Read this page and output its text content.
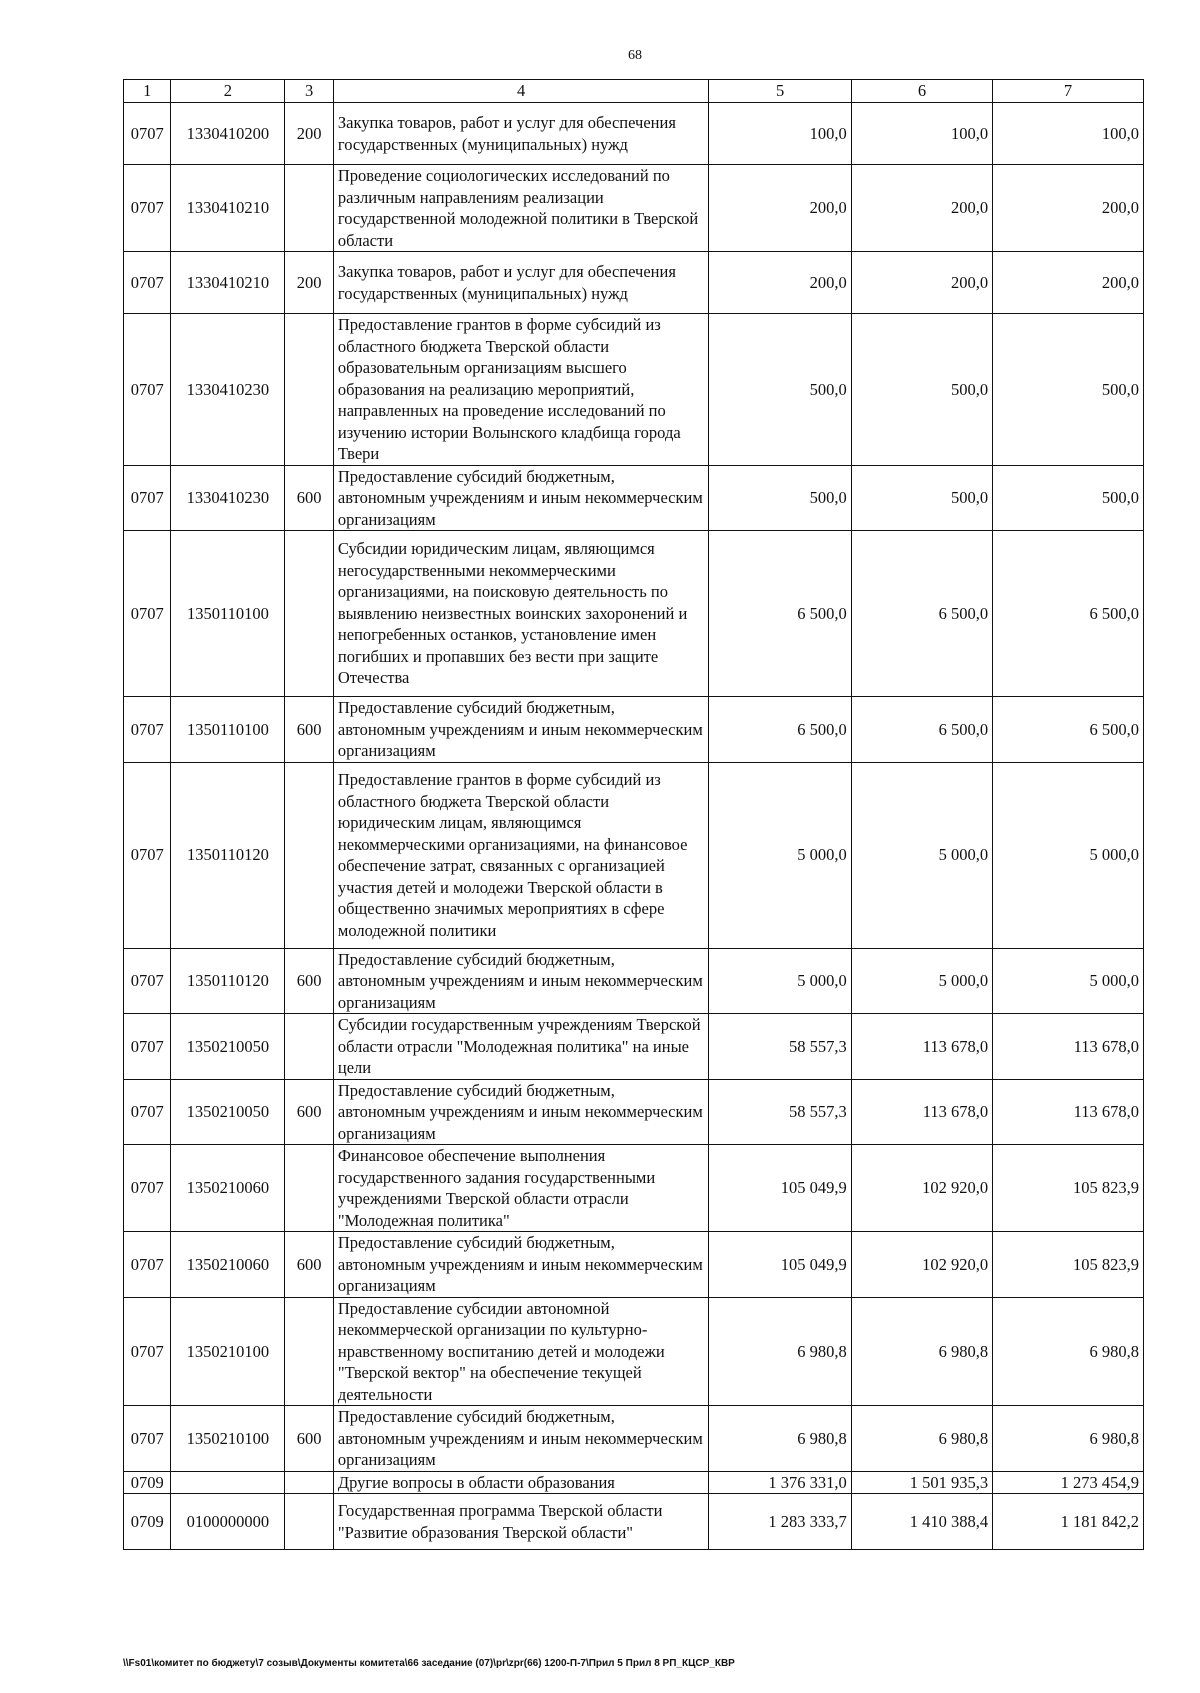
68
1	2	3	4	5	6	7
0707	1330410200	200	Закупка товаров, работ и услуг для обеспечения государственных (муниципальных) нужд	100,0	100,0	100,0
0707	1330410210		Проведение социологических исследований по различным направлениям реализации государственной молодежной политики в Тверской области	200,0	200,0	200,0
0707	1330410210	200	Закупка товаров, работ и услуг для обеспечения государственных (муниципальных) нужд	200,0	200,0	200,0
0707	1330410230		Предоставление грантов в форме субсидий из областного бюджета Тверской области образовательным организациям высшего образования на реализацию мероприятий, направленных на проведение исследований по изучению истории Волынского кладбища города Твери	500,0	500,0	500,0
0707	1330410230	600	Предоставление субсидий бюджетным, автономным учреждениям и иным некоммерческим организациям	500,0	500,0	500,0
0707	1350110100		Субсидии юридическим лицам, являющимся негосударственными некоммерческими организациями, на поисковую деятельность по выявлению неизвестных воинских захоронений и непогребенных останков, установление имен погибших и пропавших без вести при защите Отечества	6 500,0	6 500,0	6 500,0
0707	1350110100	600	Предоставление субсидий бюджетным, автономным учреждениям и иным некоммерческим организациям	6 500,0	6 500,0	6 500,0
0707	1350110120		Предоставление грантов в форме субсидий из областного бюджета Тверской области юридическим лицам, являющимся некоммерческими организациями, на финансовое обеспечение затрат, связанных с организацией участия детей и молодежи Тверской области в общественно значимых мероприятиях в сфере молодежной политики	5 000,0	5 000,0	5 000,0
0707	1350110120	600	Предоставление субсидий бюджетным, автономным учреждениям и иным некоммерческим организациям	5 000,0	5 000,0	5 000,0
0707	1350210050		Субсидии государственным учреждениям Тверской области отрасли "Молодежная политика" на иные цели	58 557,3	113 678,0	113 678,0
0707	1350210050	600	Предоставление субсидий бюджетным, автономным учреждениям и иным некоммерческим организациям	58 557,3	113 678,0	113 678,0
0707	1350210060		Финансовое обеспечение выполнения государственного задания государственными учреждениями Тверской области отрасли "Молодежная политика"	105 049,9	102 920,0	105 823,9
0707	1350210060	600	Предоставление субсидий бюджетным, автономным учреждениям и иным некоммерческим организациям	105 049,9	102 920,0	105 823,9
0707	1350210100		Предоставление субсидии автономной некоммерческой организации по культурно-нравственному воспитанию детей и молодежи "Тверской вектор" на обеспечение текущей деятельности	6 980,8	6 980,8	6 980,8
0707	1350210100	600	Предоставление субсидий бюджетным, автономным учреждениям и иным некоммерческим организациям	6 980,8	6 980,8	6 980,8
0709			Другие вопросы в области образования	1 376 331,0	1 501 935,3	1 273 454,9
0709	0100000000		Государственная программа Тверской области "Развитие образования Тверской области"	1 283 333,7	1 410 388,4	1 181 842,2
\\Fs01\комитет по бюджету\7 созыв\Документы комитета\66 заседание (07)\pr\zpr(66) 1200-П-7\Прил 5 Прил 8 РП_КЦСР_КВР
